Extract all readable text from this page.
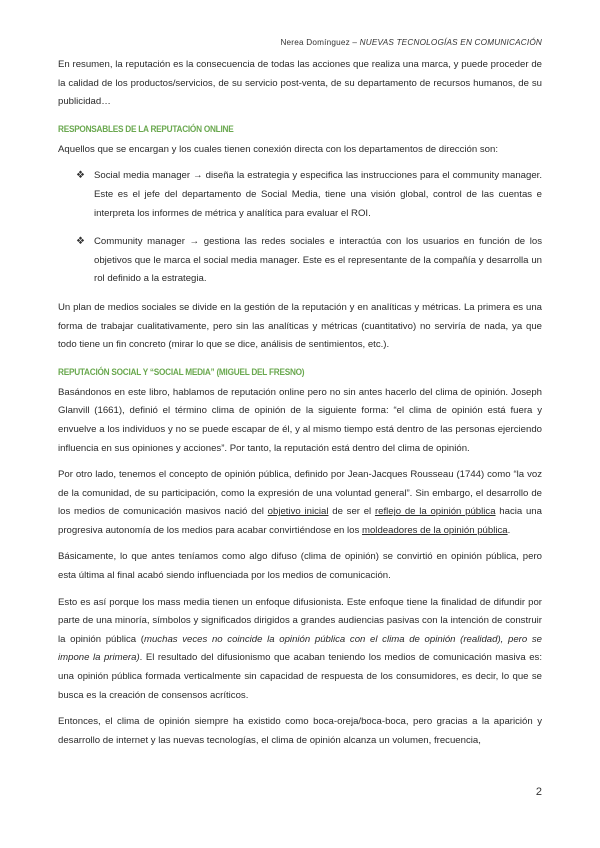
Nerea Domínguez – NUEVAS TECNOLOGÍAS EN COMUNICACIÓN

En resumen, la reputación es la consecuencia de todas las acciones que realiza una marca, y puede proceder de la calidad de los productos/servicios, de su servicio post-venta, de su departamento de recursos humanos, de su publicidad…

RESPONSABLES DE LA REPUTACIÓN ONLINE

Aquellos que se encargan y los cuales tienen conexión directa con los departamentos de dirección son:

❖ Social media manager → diseña la estrategia y especifica las instrucciones para el community manager. Este es el jefe del departamento de Social Media, tiene una visión global, control de las cuentas e interpreta los informes de métrica y analítica para evaluar el ROI.

❖ Community manager → gestiona las redes sociales e interactúa con los usuarios en función de los objetivos que le marca el social media manager. Este es el representante de la compañía y desarrolla un rol definido a la estrategia.

Un plan de medios sociales se divide en la gestión de la reputación y en analíticas y métricas. La primera es una forma de trabajar cualitativamente, pero sin las analíticas y métricas (cuantitativo) no serviría de nada, ya que todo tiene un fin concreto (mirar lo que se dice, análisis de sentimientos, etc.).

REPUTACIÓN SOCIAL Y “SOCIAL MEDIA” (MIGUEL DEL FRESNO)

Basándonos en este libro, hablamos de reputación online pero no sin antes hacerlo del clima de opinión. Joseph Glanvill (1661), definió el término clima de opinión de la siguiente forma: “el clima de opinión está fuera y envuelve a los individuos y no se puede escapar de él, y al mismo tiempo está dentro de las personas ejerciendo influencia en sus opiniones y acciones”. Por tanto, la reputación está dentro del clima de opinión.

Por otro lado, tenemos el concepto de opinión pública, definido por Jean-Jacques Rousseau (1744) como “la voz de la comunidad, de su participación, como la expresión de una voluntad general”. Sin embargo, el desarrollo de los medios de comunicación masivos nació del objetivo inicial de ser el reflejo de la opinión pública hacia una progresiva autonomía de los medios para acabar convirtiéndose en los moldeadores de la opinión pública.

Básicamente, lo que antes teníamos como algo difuso (clima de opinión) se convirtió en opinión pública, pero esta última al final acabó siendo influenciada por los medios de comunicación.

Esto es así porque los mass media tienen un enfoque difusionista. Este enfoque tiene la finalidad de difundir por parte de una minoría, símbolos y significados dirigidos a grandes audiencias pasivas con la intención de construir la opinión pública (muchas veces no coincide la opinión pública con el clima de opinión (realidad), pero se impone la primera). El resultado del difusionismo que acaban teniendo los medios de comunicación masiva es: una opinión pública formada verticalmente sin capacidad de respuesta de los consumidores, es decir, lo que se busca es la creación de consensos acríticos.

Entonces, el clima de opinión siempre ha existido como boca-oreja/boca-boca, pero gracias a la aparición y desarrollo de internet y las nuevas tecnologías, el clima de opinión alcanza un volumen, frecuencia,

2
